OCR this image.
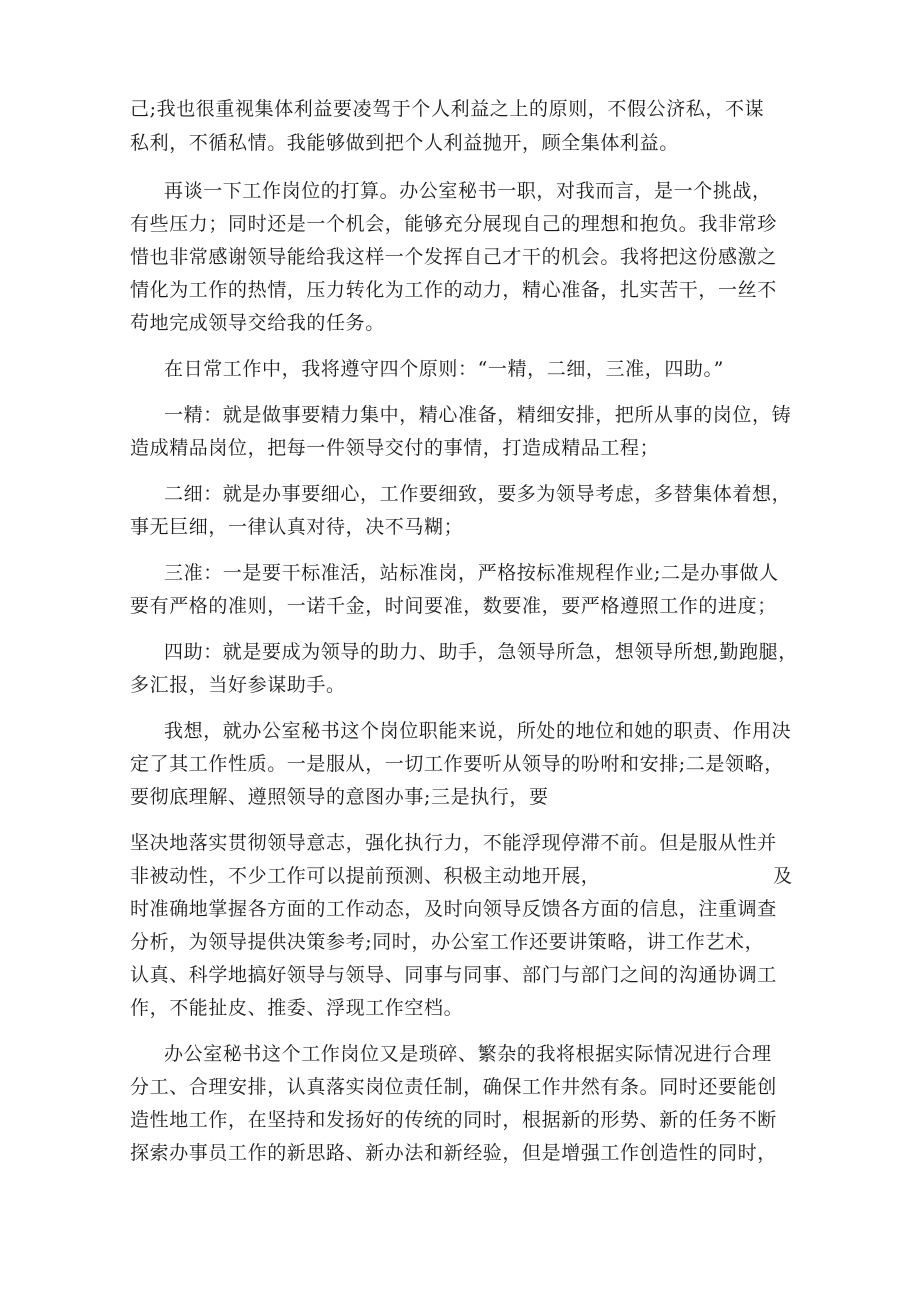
己;我也很重视集体利益要凌驾于个人利益之上的原则，不假公济私，不谋
私利，不循私情。我能够做到把个人利益抛开，顾全集体利益。
再谈一下工作岗位的打算。办公室秘书一职，对我而言，是一个挑战，
有些压力；同时还是一个机会，能够充分展现自己的理想和抱负。我非常珍
惜也非常感谢领导能给我这样一个发挥自己才干的机会。我将把这份感激之
情化为工作的热情，压力转化为工作的动力，精心准备，扎实苦干，一丝不
苟地完成领导交给我的任务。
在日常工作中，我将遵守四个原则：“一精，二细，三准，四助。”
一精：就是做事要精力集中，精心准备，精细安排，把所从事的岗位，铸
造成精品岗位，把每一件领导交付的事情，打造成精品工程；
二细：就是办事要细心，工作要细致，要多为领导考虑，多替集体着想，
事无巨细，一律认真对待，决不马糊；
三准：一是要干标准活，站标准岗，严格按标准规程作业;二是办事做人
要有严格的准则，一诺千金，时间要准，数要准，要严格遵照工作的进度；
四助：就是要成为领导的助力、助手，急领导所急，想领导所想,勤跑腿，
多汇报，当好参谋助手。
我想，就办公室秘书这个岗位职能来说，所处的地位和她的职责、作用决
定了其工作性质。一是服从，一切工作要听从领导的吩咐和安排;二是领略，
要彻底理解、遵照领导的意图办事;三是执行，要
坚决地落实贯彻领导意志，强化执行力，不能浮现停滞不前。但是服从性并
非被动性，不少工作可以提前预测、积极主动地开展，                          及
时准确地掌握各方面的工作动态，及时向领导反馈各方面的信息，注重调查
分析，为领导提供决策参考;同时，办公室工作还要讲策略，讲工作艺术，
认真、科学地搞好领导与领导、同事与同事、部门与部门之间的沟通协调工
作，不能扯皮、推委、浮现工作空档。
办公室秘书这个工作岗位又是琐碎、繁杂的我将根据实际情况进行合理
分工、合理安排，认真落实岗位责任制，确保工作井然有条。同时还要能创
造性地工作，在坚持和发扬好的传统的同时，根据新的形势、新的任务不断
探索办事员工作的新思路、新办法和新经验，但是增强工作创造性的同时，
